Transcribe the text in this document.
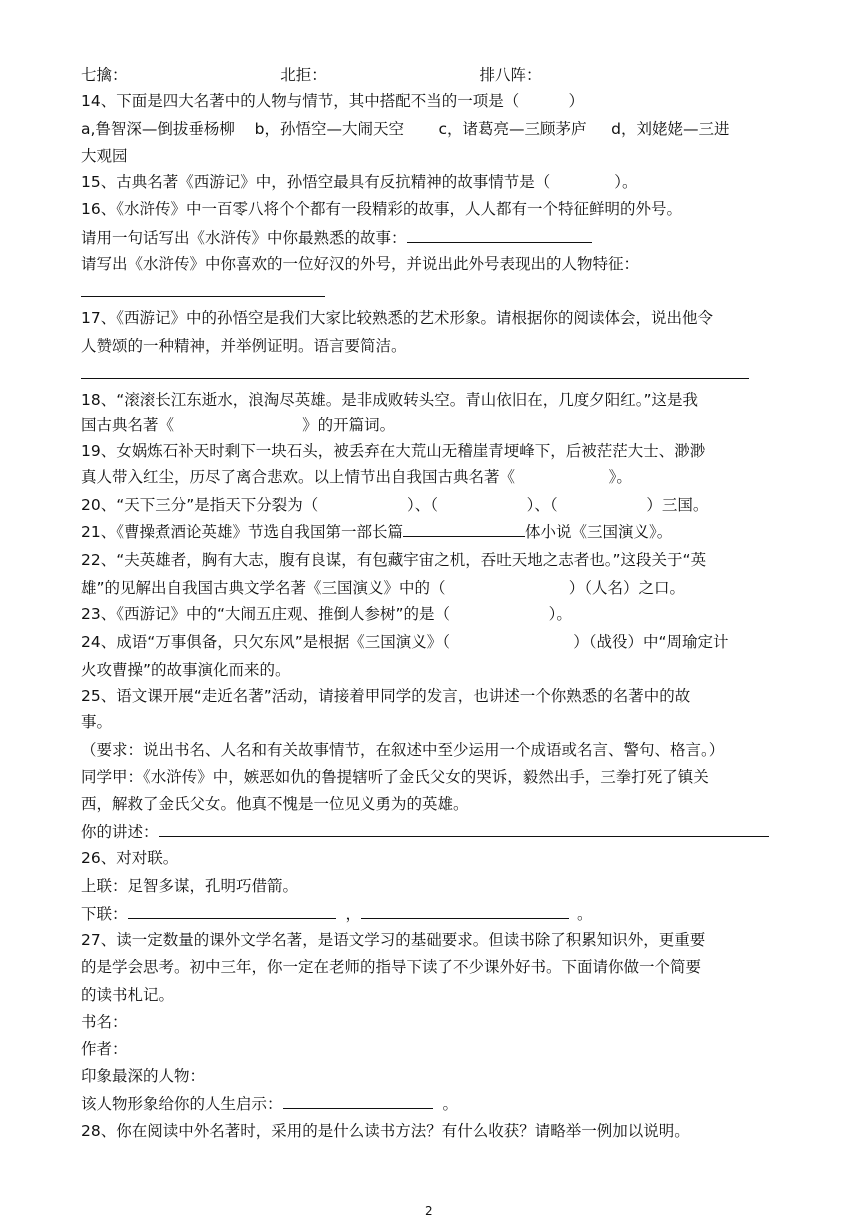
七擒：                               北拒：                               排八阵：
14、下面是四大名著中的人物与情节，其中搭配不当的一项是（          ）
a,鲁智深—倒拔垂杨柳    b，孙悟空—大闹天空       c，诸葛亮—三顾茅庐     d，刘姥姥—三进
大观园
15、古典名著《西游记》中，孙悟空最具有反抗精神的故事情节是（             ）。
16、《水浒传》中一百零八将个个都有一段精彩的故事，人人都有一个特征鲜明的外号。
请用一句话写出《水浒传》中你最熟悉的故事：
请写出《水浒传》中你喜欢的一位好汉的外号，并说出此外号表现出的人物特征：
17、《西游记》中的孙悟空是我们大家比较熟悉的艺术形象。请根据你的阅读体会，说出他令
人赞颂的一种精神，并举例证明。语言要简洁。
18、“滚滚长江东逝水，浪淘尽英雄。是非成败转头空。青山依旧在，几度夕阳红。”这是我
国古典名著《                          》的开篇词。
19、女娲炼石补天时剩下一块石头，被丢弃在大荒山无稽崖青埂峰下，后被茫茫大士、渺渺
真人带入红尘，历尽了离合悲欢。以上情节出自我国古典名著《                   》。
20、“天下三分”是指天下分裂为（                  ）、（                  ）、（                  ）三国。
21、《曹操煮酒论英雄》节选自我国第一部长篇	体小说《三国演义》。
22、“夫英雄者，胸有大志，腹有良谋，有包藏宇宙之机，吞吐天地之志者也。”这段关于“英
雄”的见解出自我国古典文学名著《三国演义》中的（                         ）（人名）之口。
23、《西游记》中的“大闹五庄观、推倒人参树”的是（                    ）。
24、成语“万事俱备，只欠东风”是根据《三国演义》（                         ）（战役）中“周瑜定计
火攻曹操”的故事演化而来的。
25、语文课开展“走近名著”活动，请接着甲同学的发言，也讲述一个你熟悉的名著中的故
事。
（要求：说出书名、人名和有关故事情节，在叙述中至少运用一个成语或名言、警句、格言。）
同学甲：《水浒传》中，嫉恶如仇的鲁提辖听了金氏父女的哭诉，毅然出手，三拳打死了镇关
西，解救了金氏父女。他真不愧是一位见义勇为的英雄。
你的讲述：
26、对对联。
上联：足智多谋，孔明巧借箭。
下联：	，	。
27、读一定数量的课外文学名著，是语文学习的基础要求。但读书除了积累知识外，更重要
的是学会思考。初中三年，你一定在老师的指导下读了不少课外好书。下面请你做一个简要
的读书札记。
书名：
作者：
印象最深的人物：
该人物形象给你的人生启示：	。
28、你在阅读中外名著时，采用的是什么读书方法？有什么收获？请略举一例加以说明。
2
